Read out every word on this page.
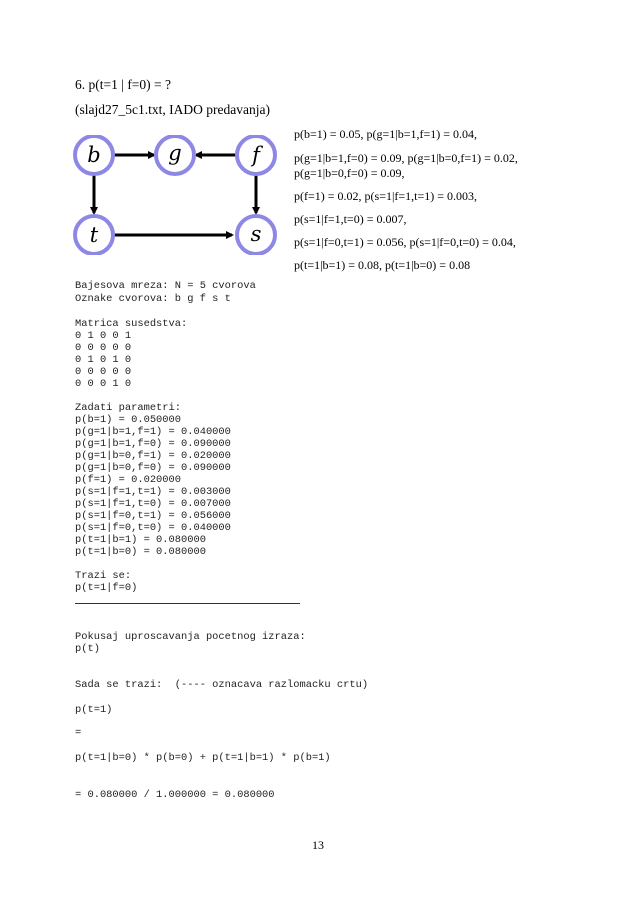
6. p(t=1 | f=0) = ?
(slajd27_5c1.txt, IADO predavanja)
b	g	f
t	s
p(b=1) = 0.05, p(g=1|b=1,f=1) = 0.04,
p(g=1|b=1,f=0) = 0.09, p(g=1|b=0,f=1) = 0.02,
p(g=1|b=0,f=0) = 0.09,
p(f=1) = 0.02, p(s=1|f=1,t=1) = 0.003,
p(s=1|f=1,t=0) = 0.007,
p(s=1|f=0,t=1) = 0.056, p(s=1|f=0,t=0) = 0.04,
p(t=1|b=1) = 0.08, p(t=1|b=0) = 0.08
Bajesova mreza: N = 5 cvorova
Oznake cvorova: b g f s t
Matrica susedstva:
0 1 0 0 1
0 0 0 0 0
0 1 0 1 0
0 0 0 0 0
0 0 0 1 0
Zadati parametri:
p(b=1) = 0.050000
p(g=1|b=1,f=1) = 0.040000
p(g=1|b=1,f=0) = 0.090000
p(g=1|b=0,f=1) = 0.020000
p(g=1|b=0,f=0) = 0.090000
p(f=1) = 0.020000
p(s=1|f=1,t=1) = 0.003000
p(s=1|f=1,t=0) = 0.007000
p(s=1|f=0,t=1) = 0.056000
p(s=1|f=0,t=0) = 0.040000
p(t=1|b=1) = 0.080000
p(t=1|b=0) = 0.080000
Trazi se:
p(t=1|f=0)
Pokusaj uproscavanja pocetnog izraza:
p(t)
Sada se trazi:  (---- oznacava razlomacku crtu)
p(t=1)
=
p(t=1|b=0) * p(b=0) + p(t=1|b=1) * p(b=1)
= 0.080000 / 1.000000 = 0.080000
13
